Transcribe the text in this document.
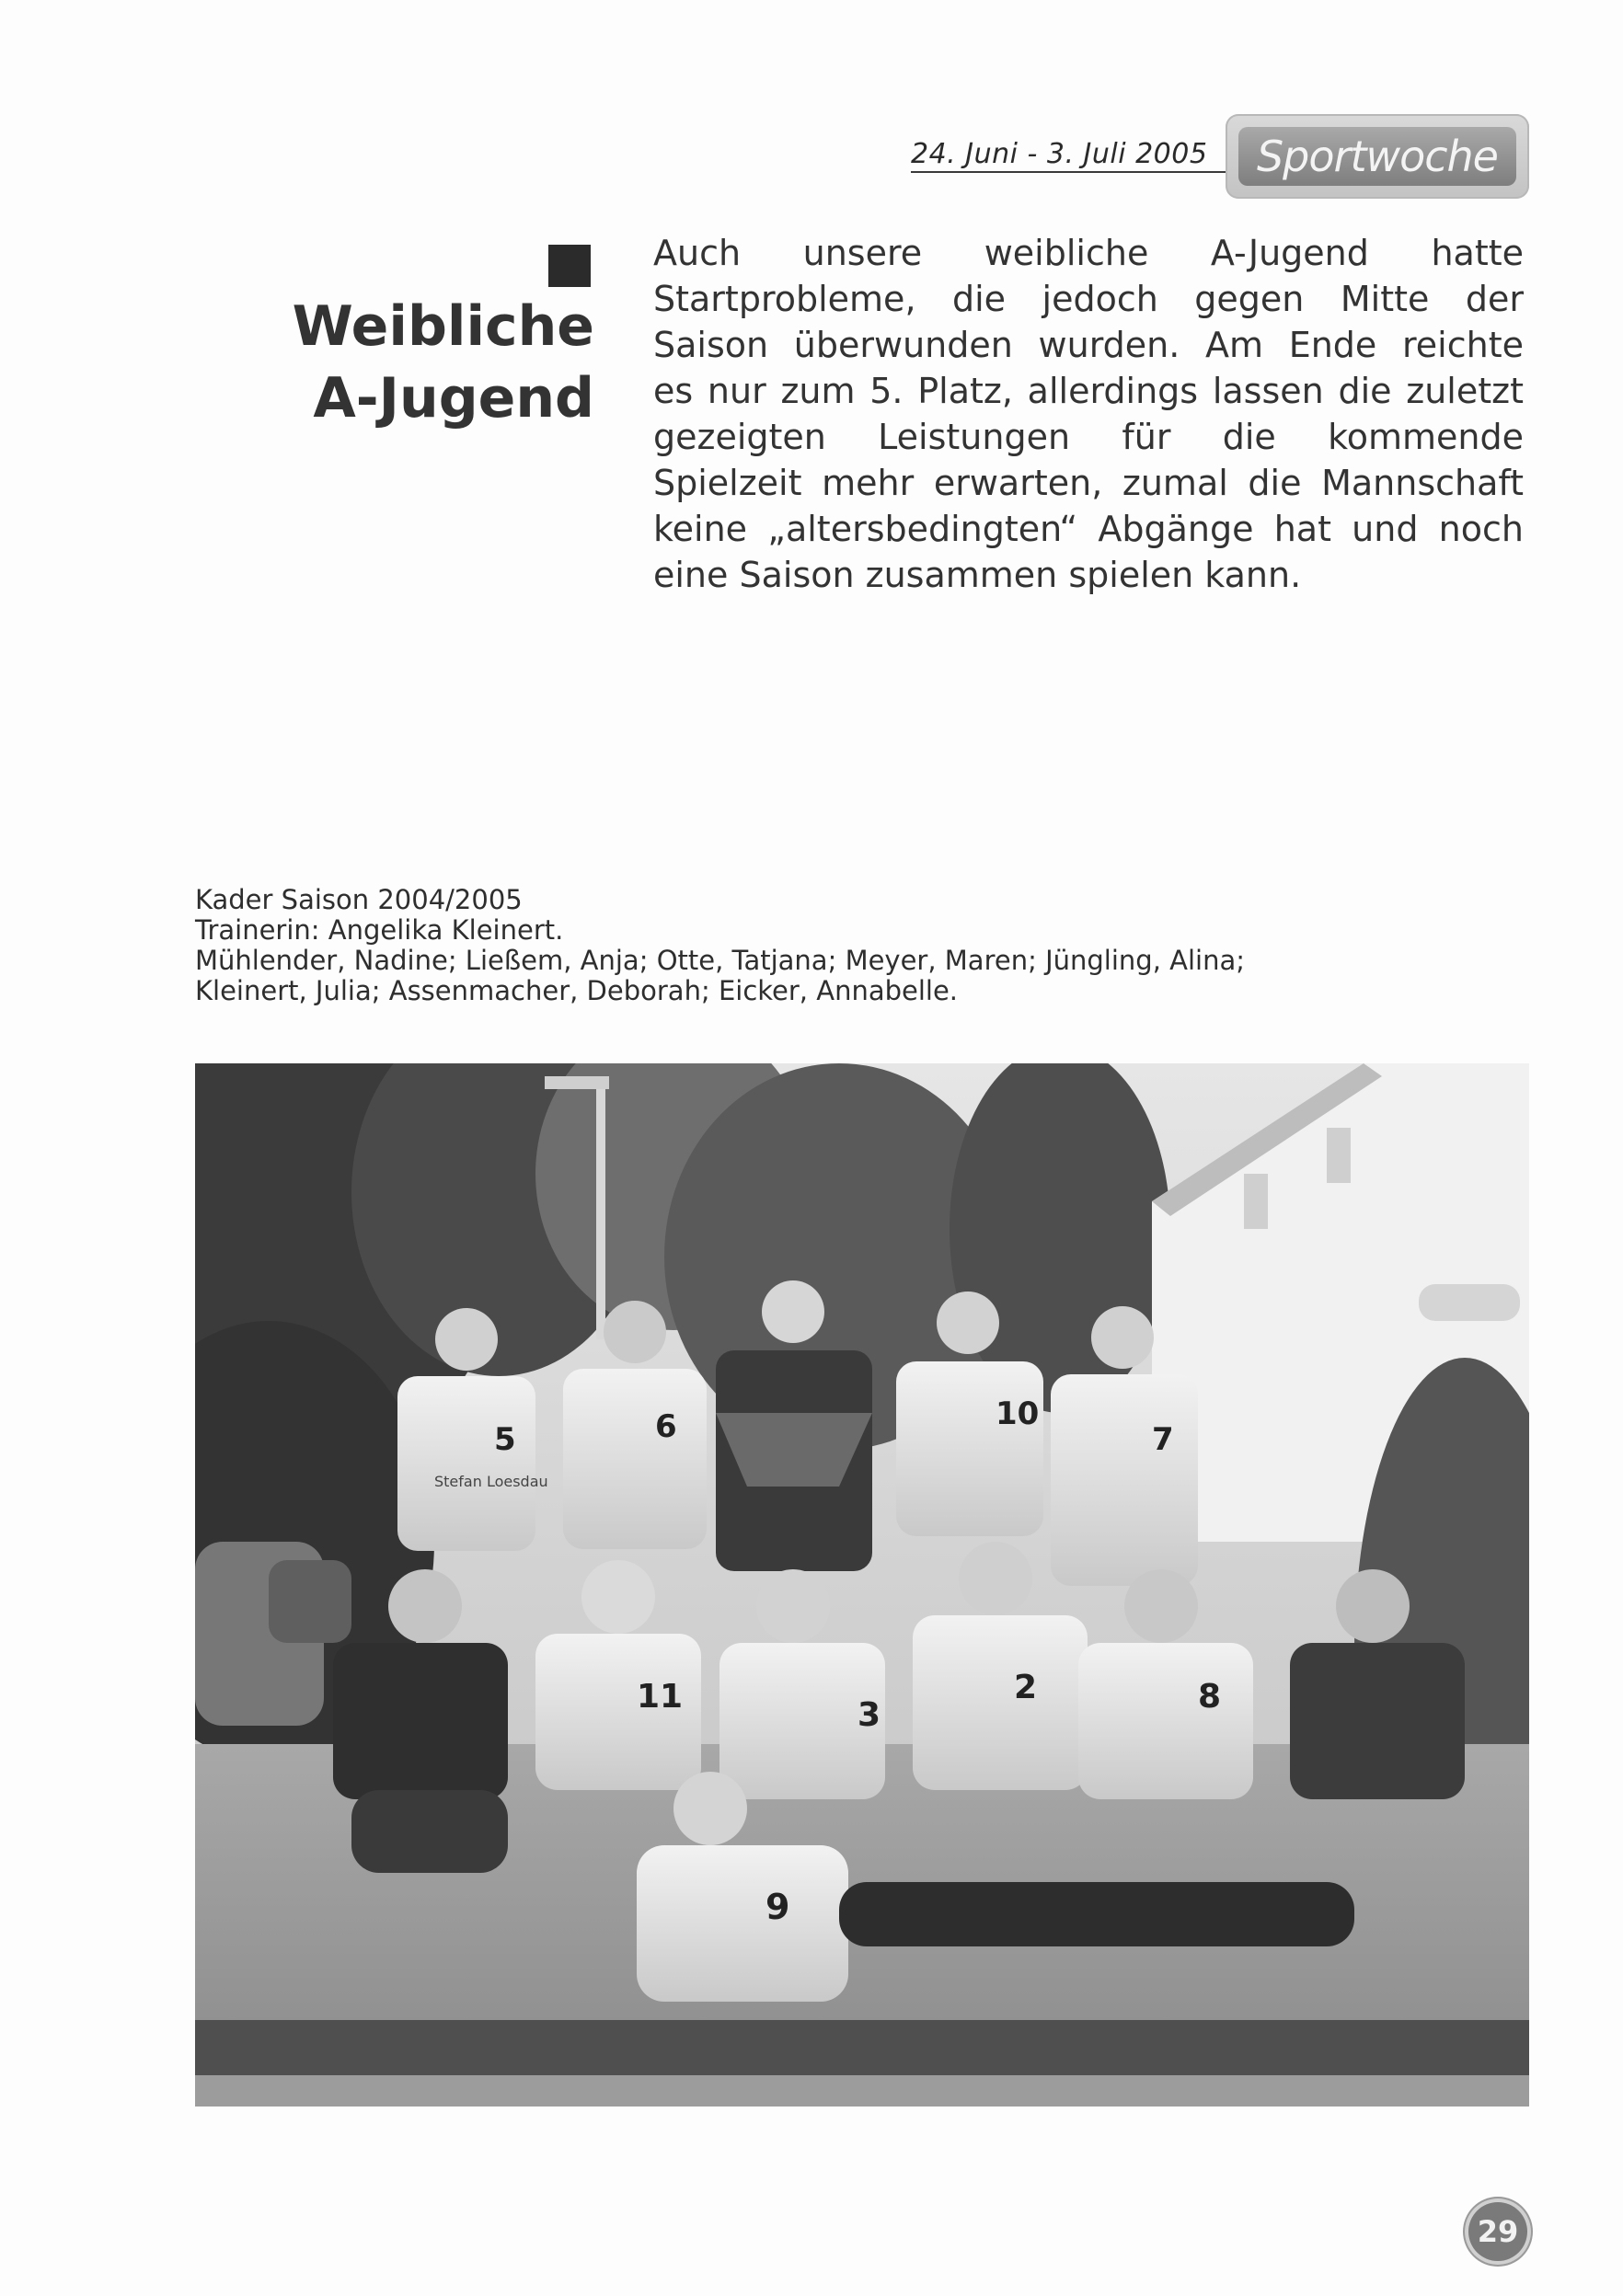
24. Juni - 3. Juli 2005	Sportwoche
Weibliche
A-Jugend
Auch unsere weibliche A-Jugend hatte
Startprobleme, die jedoch gegen Mitte der
Saison überwunden wurden. Am Ende reichte
es nur zum 5. Platz, allerdings lassen die zuletzt
gezeigten Leistungen für die kommende
Spielzeit mehr erwarten, zumal die Mannschaft
keine „altersbedingten“ Abgänge hat und noch
eine Saison zusammen spielen kann.
Kader Saison 2004/2005
Trainerin: Angelika Kleinert.
Mühlender, Nadine; Ließem, Anja; Otte, Tatjana; Meyer, Maren; Jüngling, Alina;
Kleinert, Julia; Assenmacher, Deborah; Eicker, Annabelle.
5	6	10
7
11	3
2	8
9
Stefan Loesdau
29
